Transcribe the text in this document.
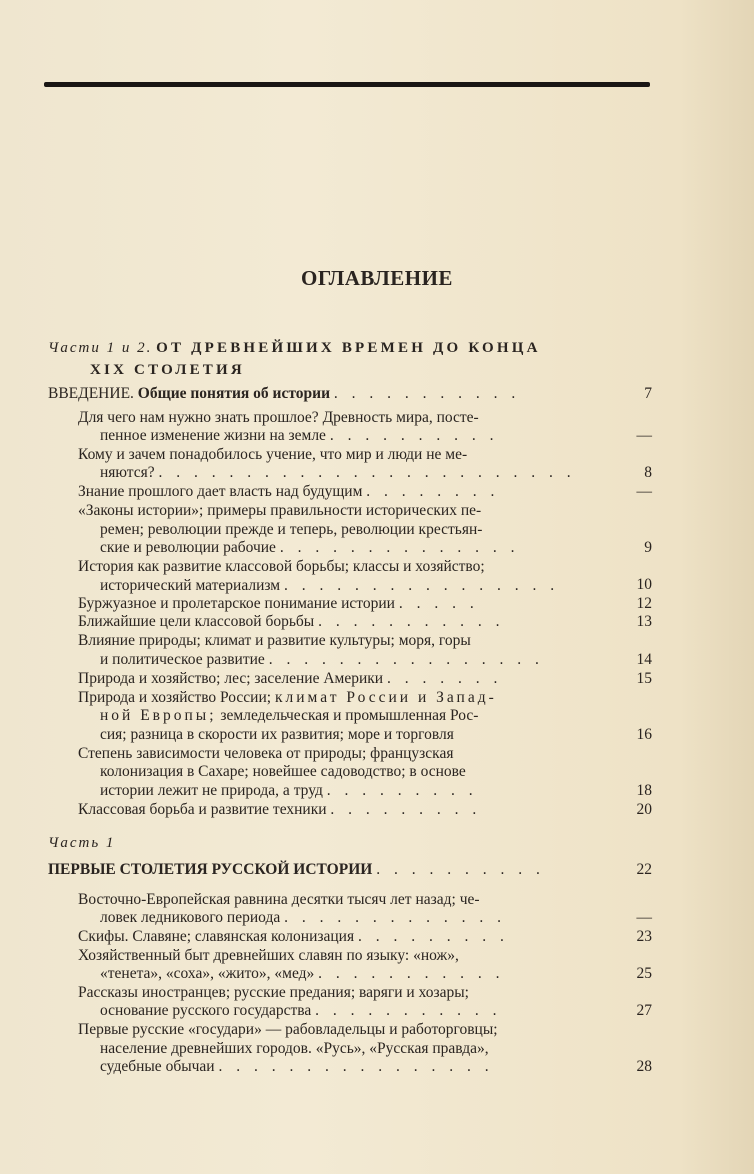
ОГЛАВЛЕНИЕ
Части 1 и 2. ОТ ДРЕВНЕЙШИХ ВРЕМЕН ДО КОНЦА
XIX СТОЛЕТИЯ
ВВЕДЕНИЕ. Общие понятия об истории . . . . . . . . . . .	7
Для чего нам нужно знать прошлое? Древность мира, посте-
пенное изменение жизни на земле . . . . . . . . . .	—
Кому и зачем понадобилось учение, что мир и люди не ме-
няются? . . . . . . . . . . . . . . . . . . . . . . . .	8
Знание прошлого дает власть над будущим . . . . . . . .	—
«Законы истории»; примеры правильности исторических пе-
ремен; революции прежде и теперь, революции крестьян-
ские и революции рабочие . . . . . . . . . . . . . .	9
История как развитие классовой борьбы; классы и хозяйство;
исторический материализм . . . . . . . . . . . . . . . .	10
Буржуазное и пролетарское понимание истории . . . . .	12
Ближайшие цели классовой борьбы . . . . . . . . . . .	13
Влияние природы; климат и развитие культуры; моря, горы
и политическое развитие . . . . . . . . . . . . . . . .	14
Природа и хозяйство; лес; заселение Америки . . . . . . .	15
Природа и хозяйство России; климат России и Запад-
ной Европы; земледельческая и промышленная Рос-
сия; разница в скорости их развития; море и торговля	16
Степень зависимости человека от природы; французская
колонизация в Сахаре; новейшее садоводство; в основе
истории лежит не природа, а труд . . . . . . . . .	18
Классовая борьба и развитие техники . . . . . . . . .	20
Часть 1
ПЕРВЫЕ СТОЛЕТИЯ РУССКОЙ ИСТОРИИ . . . . . . . . . .	22
Восточно-Европейская равнина десятки тысяч лет назад; че-
ловек ледникового периода . . . . . . . . . . . . .	—
Скифы. Славяне; славянская колонизация . . . . . . . . .	23
Хозяйственный быт древнейших славян по языку: «нож»,
«тенета», «соха», «жито», «мед» . . . . . . . . . . .	25
Рассказы иностранцев; русские предания; варяги и хозары;
основание русского государства . . . . . . . . . . .	27
Первые русские «государи» — рабовладельцы и работорговцы;
население древнейших городов. «Русь», «Русская правда»,
судебные обычаи . . . . . . . . . . . . . . . .	28
